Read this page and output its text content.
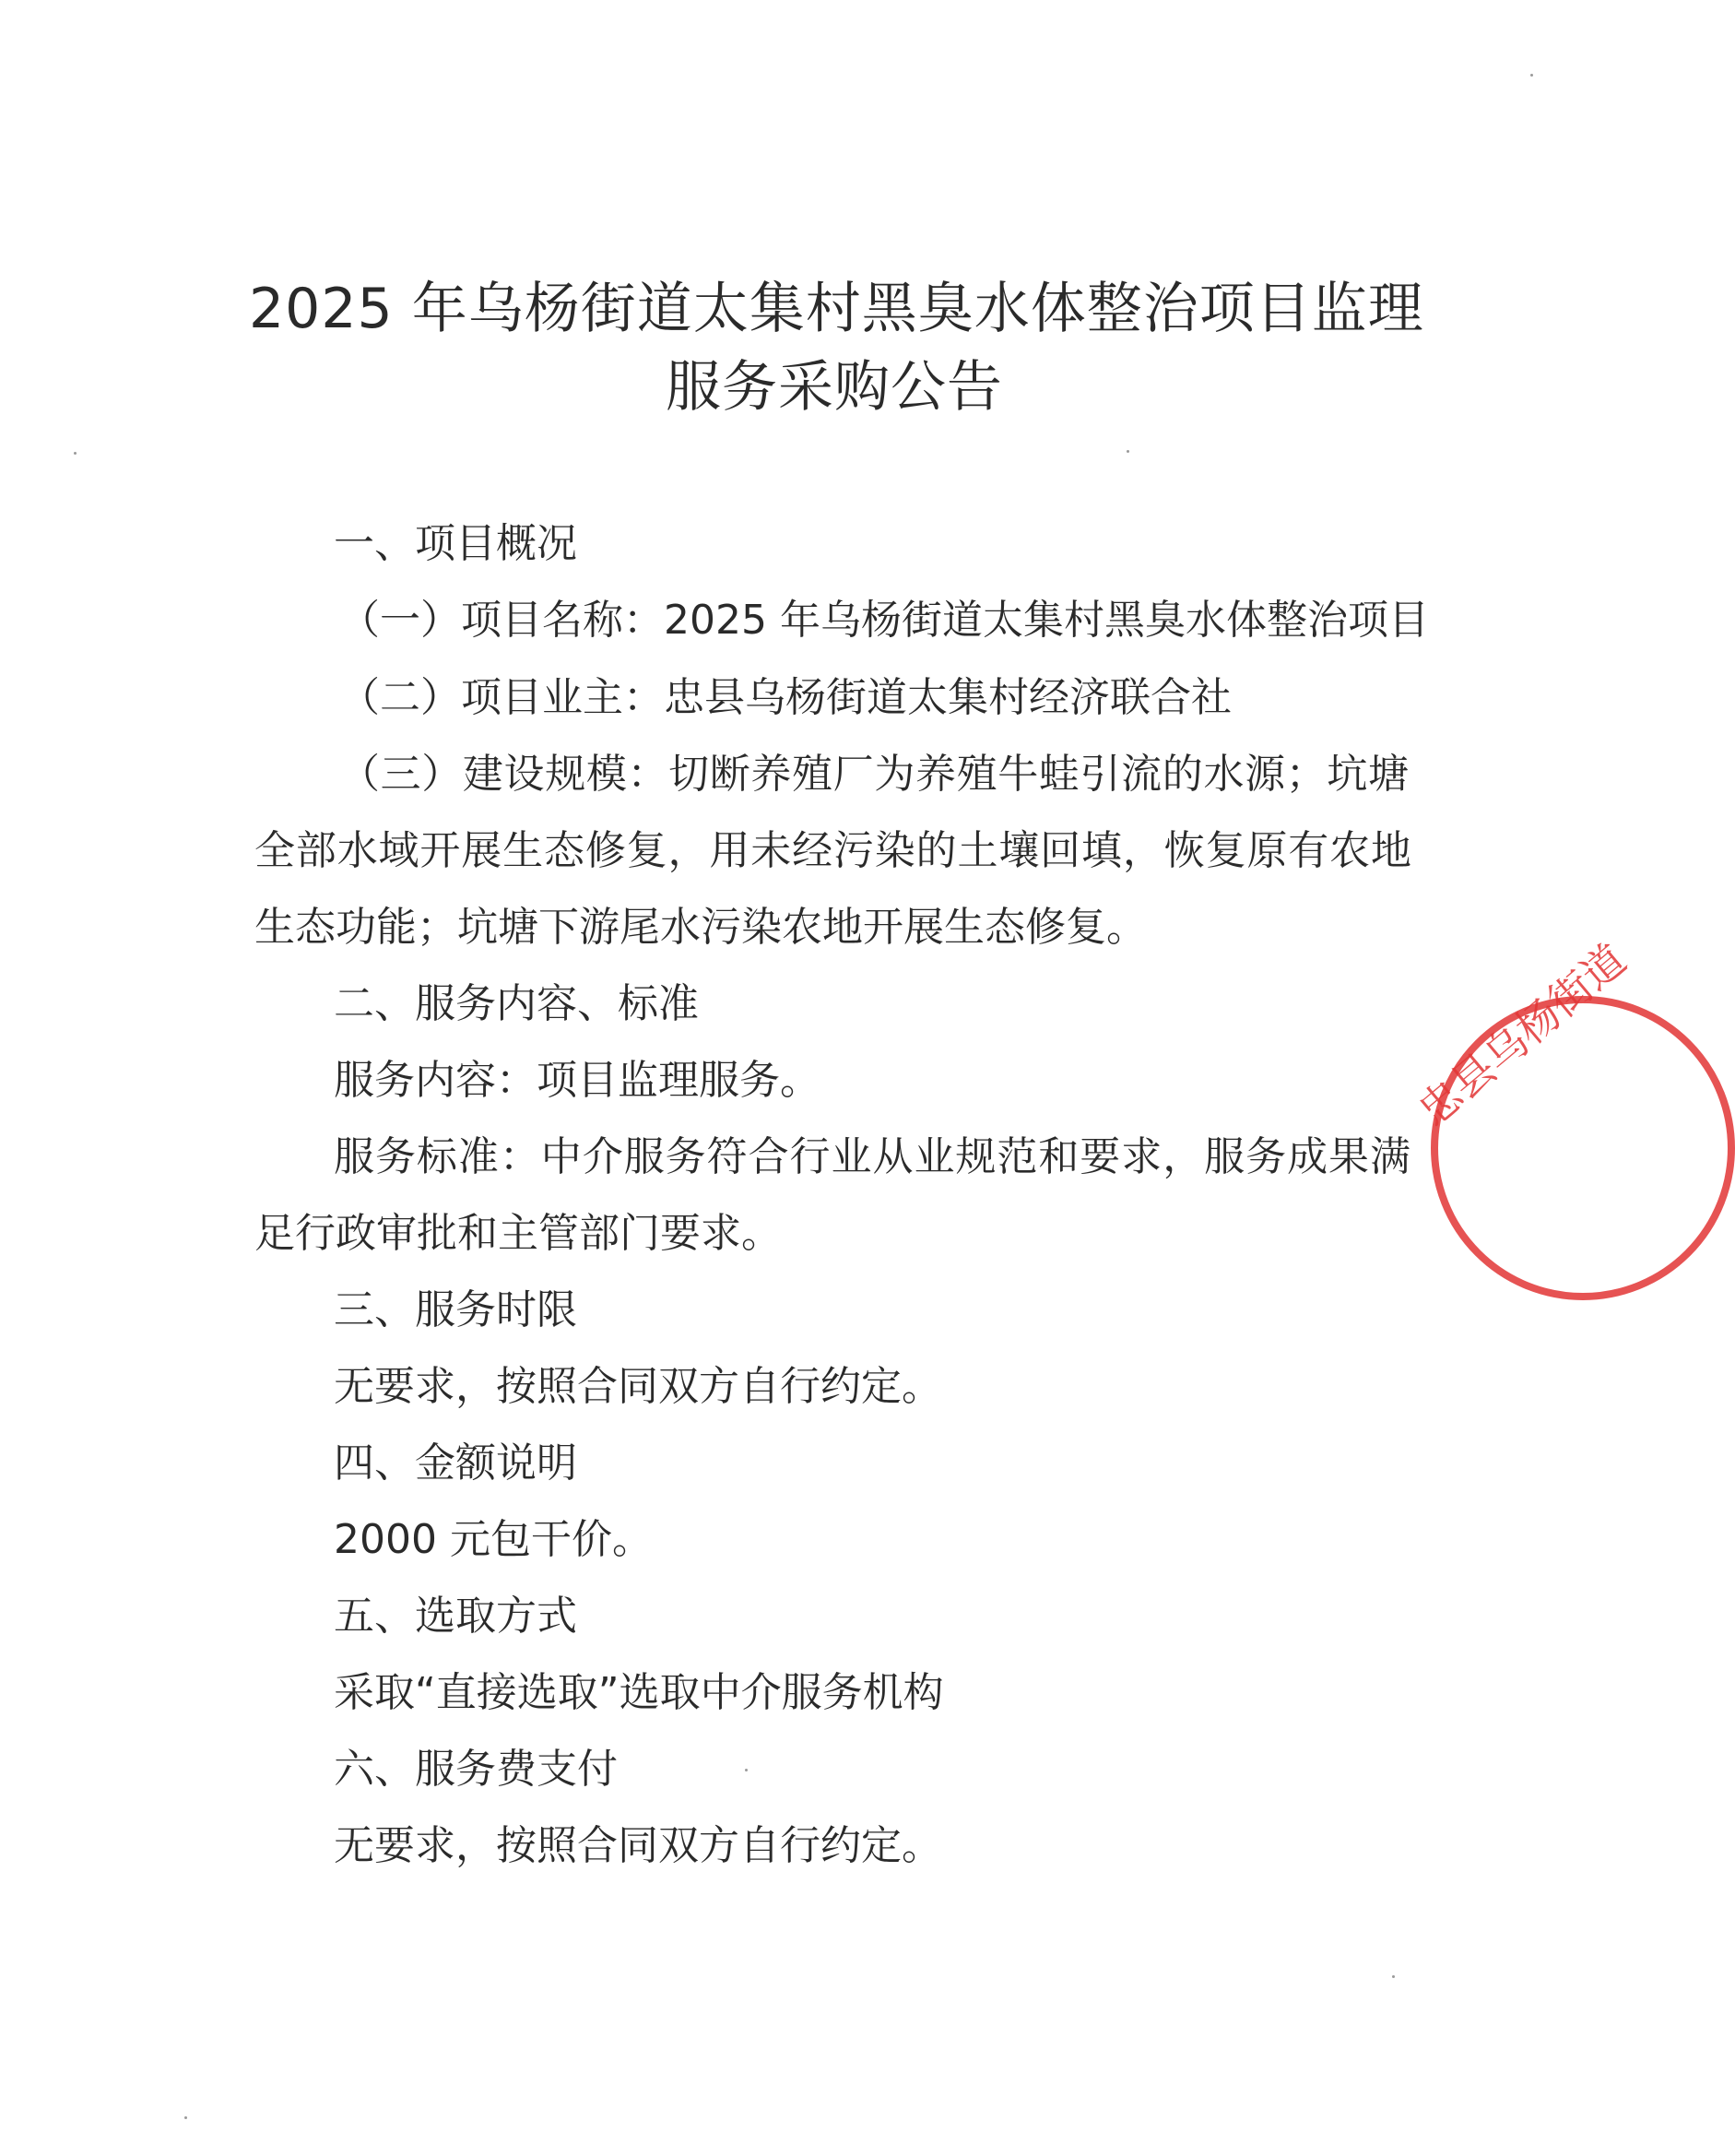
2025 年乌杨街道太集村黑臭水体整治项目监理
服务采购公告
一、项目概况
（一）项目名称：2025 年乌杨街道太集村黑臭水体整治项目
（二）项目业主：忠县乌杨街道太集村经济联合社
（三）建设规模：切断养殖厂为养殖牛蛙引流的水源；坑塘
全部水域开展生态修复，用未经污染的土壤回填，恢复原有农地
生态功能；坑塘下游尾水污染农地开展生态修复。
二、服务内容、标准
服务内容：项目监理服务。
服务标准：中介服务符合行业从业规范和要求，服务成果满
足行政审批和主管部门要求。
三、服务时限
无要求，按照合同双方自行约定。
四、金额说明
2000 元包干价。
五、选取方式
采取“直接选取”选取中介服务机构
六、服务费支付
无要求，按照合同双方自行约定。
忠县乌杨街道
